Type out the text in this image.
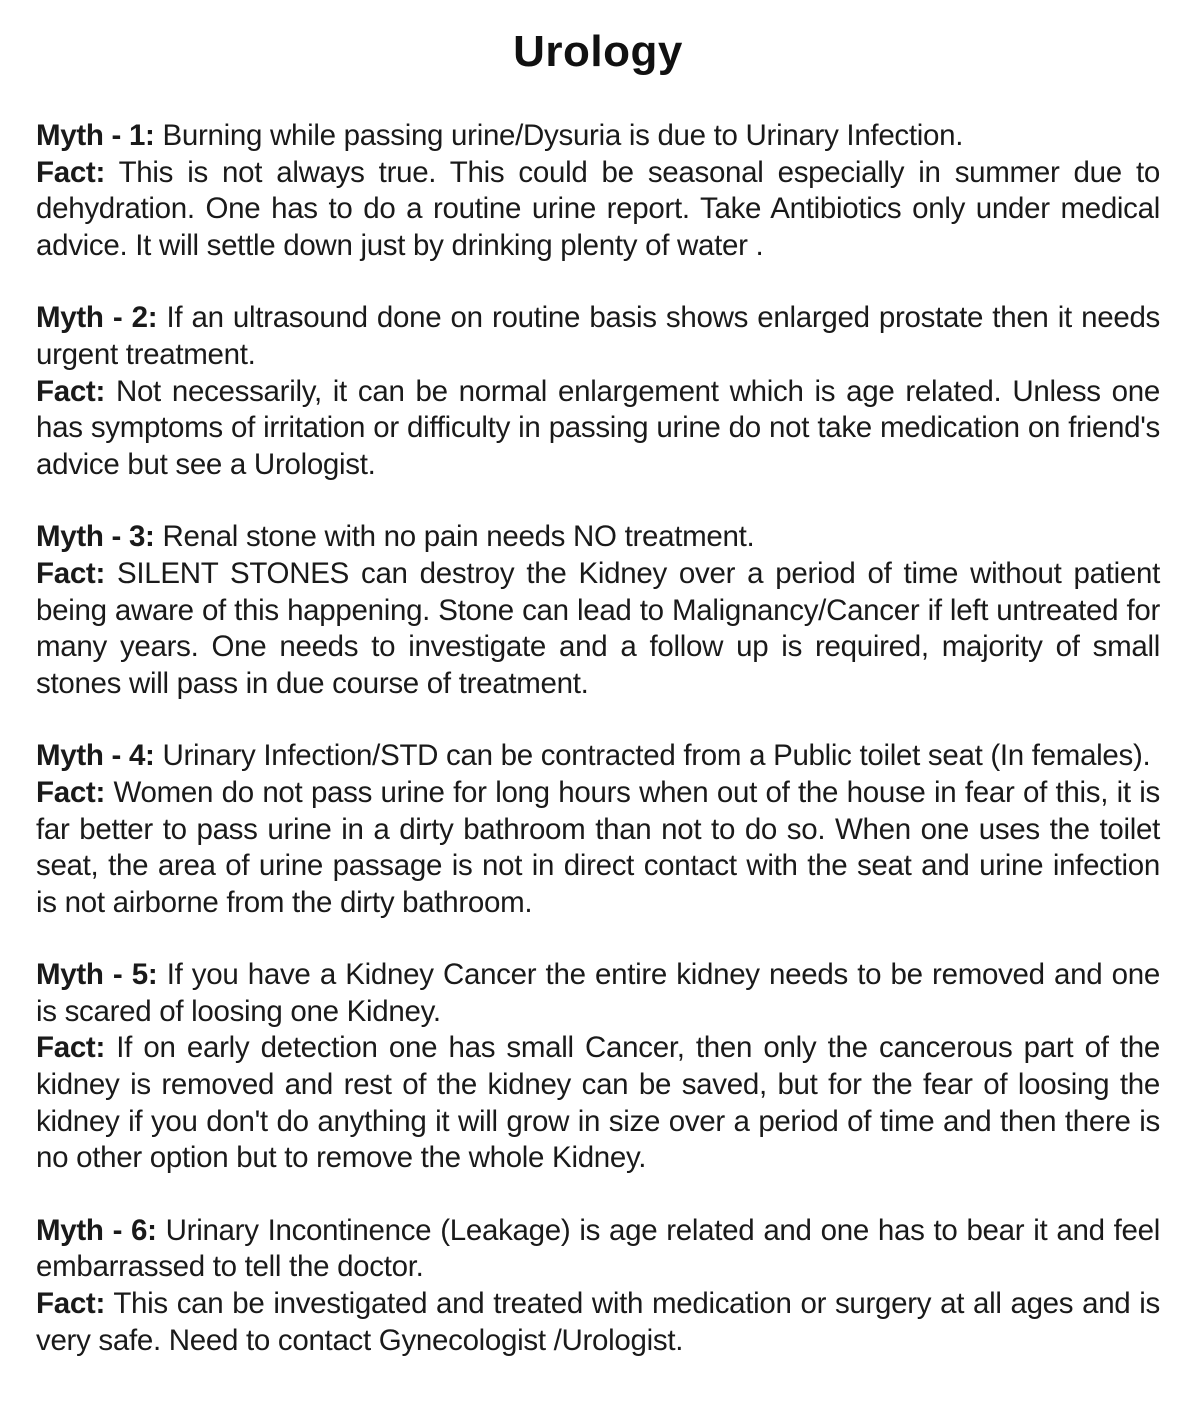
Urology

Myth - 1: Burning while passing urine/Dysuria is due to Urinary Infection.

Fact: This is not always true. This could be seasonal especially in summer due to dehydration. One has to do a routine urine report. Take Antibiotics only under medical advice. It will settle down just by drinking plenty of water .

Myth - 2: If an ultrasound done on routine basis shows enlarged prostate then it needs urgent treatment.

Fact: Not necessarily, it can be normal enlargement which is age related. Unless one has symptoms of irritation or difficulty in passing urine do not take medication on friend's advice but see a Urologist.

Myth - 3: Renal stone with no pain needs NO treatment.

Fact: SILENT STONES can destroy the Kidney over a period of time without patient being aware of this happening. Stone can lead to Malignancy/Cancer if left untreated for many years. One needs to investigate and a follow up is required, majority of small stones will pass in due course of treatment.

Myth - 4: Urinary Infection/STD can be contracted from a Public toilet seat (In females).

Fact: Women do not pass urine for long hours when out of the house in fear of this, it is far better to pass urine in a dirty bathroom than not to do so. When one uses the toilet seat, the area of urine passage is not in direct contact with the seat and urine infection is not airborne from the dirty bathroom.

Myth - 5: If you have a Kidney Cancer the entire kidney needs to be removed and one is scared of loosing one Kidney.

Fact: If on early detection one has small Cancer, then only the cancerous part of the kidney is removed and rest of the kidney can be saved, but for the fear of loosing the kidney if you don't do anything it will grow in size over a period of time and then there is no other option but to remove the whole Kidney.

Myth - 6: Urinary Incontinence (Leakage) is age related and one has to bear it and feel embarrassed to tell the doctor.

Fact: This can be investigated and treated with medication or surgery at all ages and is very safe. Need to contact Gynecologist /Urologist.
